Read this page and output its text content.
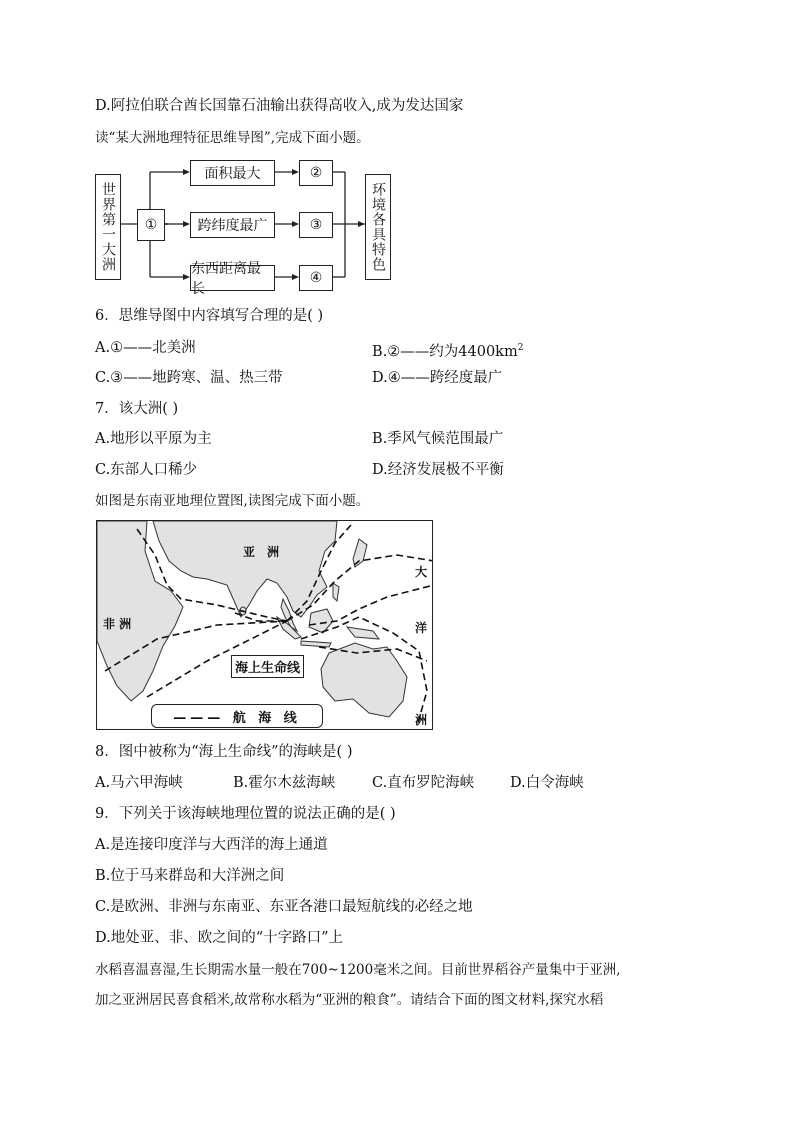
D.阿拉伯联合酋长国靠石油输出获得高收入,成为发达国家
读“某大洲地理特征思维导图”,完成下面小题。
世界第一大洲	①
面积最大
跨纬度最广
东西距离最长
②
③
④
环境各具特色
6．思维导图中内容填写合理的是( )
A.①——北美洲	B.②——约为$4400km^2$
C.③——地跨寒、温、热三带	D.④——跨经度最广
7．该大洲( )
A.地形以平原为主	B.季风气候范围最广
C.东部人口稀少	D.经济发展极不平衡
如图是东南亚地理位置图,读图完成下面小题。
亚　洲
非 洲
大
洋
洲
海上生命线
——— 航 海 线
8．图中被称为“海上生命线”的海峡是( )
A.马六甲海峡	B.霍尔木兹海峡	C.直布罗陀海峡 D.白令海峡
9．下列关于该海峡地理位置的说法正确的是( )
A.是连接印度洋与大西洋的海上通道
B.位于马来群岛和大洋洲之间
C.是欧洲、非洲与东南亚、东亚各港口最短航线的必经之地
D.地处亚、非、欧之间的“十字路口”上
水稻喜温喜湿,生长期需水量一般在700~1200毫米之间。目前世界稻谷产量集中于亚洲,
加之亚洲居民喜食稻米,故常称水稻为“亚洲的粮食”。请结合下面的图文材料,探究水稻
